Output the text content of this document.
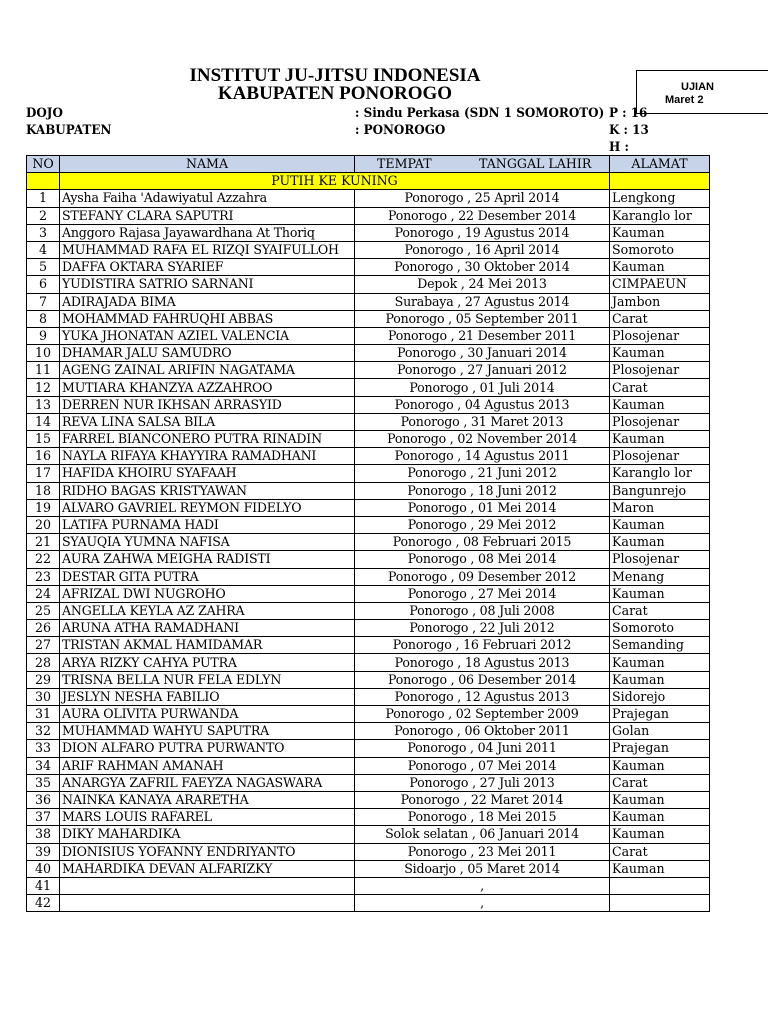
INSTITUT JU-JITSU INDONESIA
KABUPATEN PONOROGO	UJIAN
Maret 2
DOJO	: Sindu Perkasa (SDN 1 SOMOROTO)
KABUPATEN	: PONOROGO
P : 16
K : 13
H :
NO	NAMA	TEMPAT TANGGAL LAHIR	ALAMAT
	PUTIH KE KUNING		
1	Aysha Faiha 'Adawiyatul Azzahra	Ponorogo , 25 April 2014	Lengkong
2	STEFANY CLARA SAPUTRI	Ponorogo , 22 Desember 2014	Karanglo lor
3	Anggoro Rajasa Jayawardhana At Thoriq	Ponorogo , 19 Agustus 2014	Kauman
4	MUHAMMAD RAFA EL RIZQI SYAIFULLOH	Ponorogo , 16 April 2014	Somoroto
5	DAFFA OKTARA SYARIEF	Ponorogo , 30 Oktober 2014	Kauman
6	YUDISTIRA SATRIO SARNANI	Depok , 24 Mei 2013	CIMPAEUN
7	ADIRAJADA BIMA	Surabaya , 27 Agustus 2014	Jambon
8	MOHAMMAD FAHRUQHI ABBAS	Ponorogo , 05 September 2011	Carat
9	YUKA JHONATAN AZIEL VALENCIA	Ponorogo , 21 Desember 2011	Plosojenar
10	DHAMAR JALU SAMUDRO	Ponorogo , 30 Januari 2014	Kauman
11	AGENG ZAINAL ARIFIN NAGATAMA	Ponorogo , 27 Januari 2012	Plosojenar
12	MUTIARA KHANZYA AZZAHROO	Ponorogo , 01 Juli 2014	Carat
13	DERREN NUR IKHSAN ARRASYID	Ponorogo , 04 Agustus 2013	Kauman
14	REVA LINA SALSA BILA	Ponorogo , 31 Maret 2013	Plosojenar
15	FARREL BIANCONERO PUTRA RINADIN	Ponorogo , 02 November 2014	Kauman
16	NAYLA RIFAYA KHAYYIRA RAMADHANI	Ponorogo , 14 Agustus 2011	Plosojenar
17	HAFIDA KHOIRU SYAFAAH	Ponorogo , 21 Juni 2012	Karanglo lor
18	RIDHO BAGAS KRISTYAWAN	Ponorogo , 18 Juni 2012	Bangunrejo
19	ALVARO GAVRIEL REYMON FIDELYO	Ponorogo , 01 Mei 2014	Maron
20	LATIFA PURNAMA HADI	Ponorogo , 29 Mei 2012	Kauman
21	SYAUQIA YUMNA NAFISA	Ponorogo , 08 Februari 2015	Kauman
22	AURA ZAHWA MEIGHA RADISTI	Ponorogo , 08 Mei 2014	Plosojenar
23	DESTAR GITA PUTRA	Ponorogo , 09 Desember 2012	Menang
24	AFRIZAL DWI NUGROHO	Ponorogo , 27 Mei 2014	Kauman
25	ANGELLA KEYLA AZ ZAHRA	Ponorogo , 08 Juli 2008	Carat
26	ARUNA ATHA RAMADHANI	Ponorogo , 22 Juli 2012	Somoroto
27	TRISTAN AKMAL HAMIDAMAR	Ponorogo , 16 Februari 2012	Semanding
28	ARYA RIZKY CAHYA PUTRA	Ponorogo , 18 Agustus 2013	Kauman
29	TRISNA BELLA NUR FELA EDLYN	Ponorogo , 06 Desember 2014	Kauman
30	JESLYN NESHA FABILIO	Ponorogo , 12 Agustus 2013	Sidorejo
31	AURA OLIVITA PURWANDA	Ponorogo , 02 September 2009	Prajegan
32	MUHAMMAD WAHYU SAPUTRA	Ponorogo , 06 Oktober 2011	Golan
33	DION ALFARO PUTRA PURWANTO	Ponorogo , 04 Juni 2011	Prajegan
34	ARIF RAHMAN AMANAH	Ponorogo , 07 Mei 2014	Kauman
35	ANARGYA ZAFRIL FAEYZA NAGASWARA	Ponorogo , 27 Juli 2013	Carat
36	NAINKA KANAYA ARARETHA	Ponorogo , 22 Maret 2014	Kauman
37	MARS LOUIS RAFAREL	Ponorogo , 18 Mei 2015	Kauman
38	DIKY MAHARDIKA	Solok selatan , 06 Januari 2014	Kauman
39	DIONISIUS YOFANNY ENDRIYANTO	Ponorogo , 23 Mei 2011	Carat
40	MAHARDIKA DEVAN ALFARIZKY	Sidoarjo , 05 Maret 2014	Kauman
41		,	
42		,	
